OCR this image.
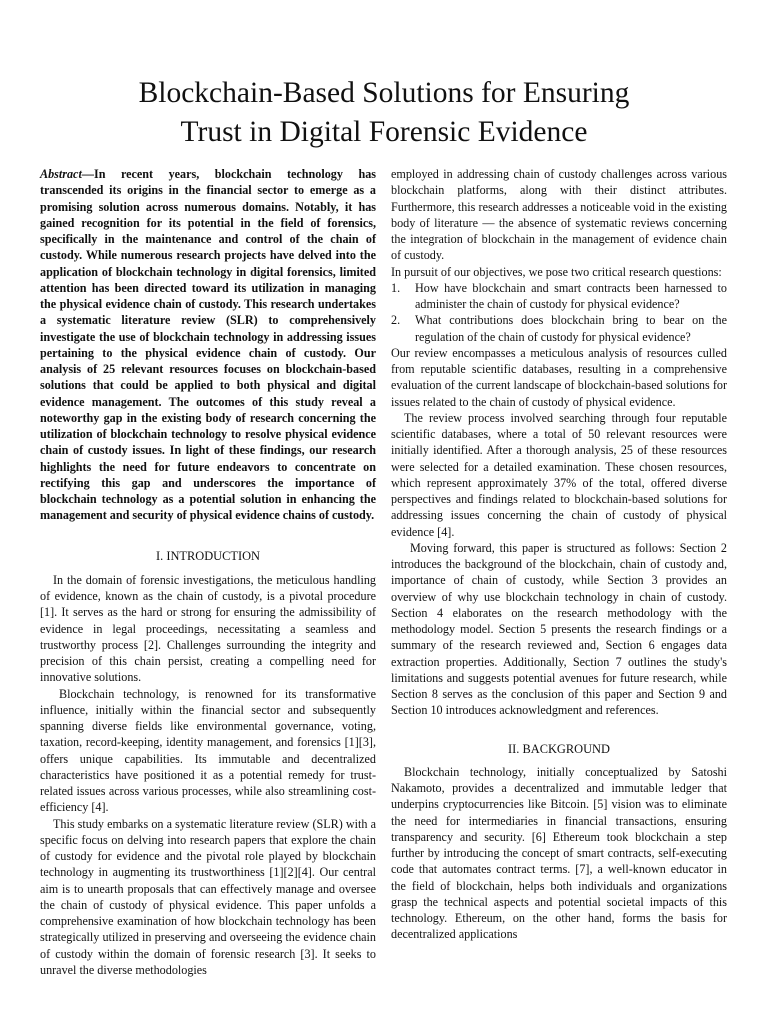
Blockchain-Based Solutions for Ensuring
Trust in Digital Forensic Evidence

Abstract—In recent years, blockchain technology has transcended its origins in the financial sector to emerge as a promising solution across numerous domains. Notably, it has gained recognition for its potential in the field of forensics, specifically in the maintenance and control of the chain of custody. While numerous research projects have delved into the application of blockchain technology in digital forensics, limited attention has been directed toward its utilization in managing the physical evidence chain of custody. This research undertakes a systematic literature review (SLR) to comprehensively investigate the use of blockchain technology in addressing issues pertaining to the physical evidence chain of custody. Our analysis of 25 relevant resources focuses on blockchain-based solutions that could be applied to both physical and digital evidence management. The outcomes of this study reveal a noteworthy gap in the existing body of research concerning the utilization of blockchain technology to resolve physical evidence chain of custody issues. In light of these findings, our research highlights the need for future endeavors to concentrate on rectifying this gap and underscores the importance of blockchain technology as a potential solution in enhancing the management and security of physical evidence chains of custody.

I. INTRODUCTION

In the domain of forensic investigations, the meticulous handling of evidence, known as the chain of custody, is a pivotal procedure [1]. It serves as the hard or strong for ensuring the admissibility of evidence in legal proceedings, necessitating a seamless and trustworthy process [2]. Challenges surrounding the integrity and precision of this chain persist, creating a compelling need for innovative solutions.

Blockchain technology, is renowned for its transformative influence, initially within the financial sector and subsequently spanning diverse fields like environmental governance, voting, taxation, record-keeping, identity management, and forensics [1][3], offers unique capabilities. Its immutable and decentralized characteristics have positioned it as a potential remedy for trust-related issues across various processes, while also streamlining cost-efficiency [4].

This study embarks on a systematic literature review (SLR) with a specific focus on delving into research papers that explore the chain of custody for evidence and the pivotal role played by blockchain technology in augmenting its trustworthiness [1][2][4]. Our central aim is to unearth proposals that can effectively manage and oversee the chain of custody of physical evidence. This paper unfolds a comprehensive examination of how blockchain technology has been strategically utilized in preserving and overseeing the evidence chain of custody within the domain of forensic research [3]. It seeks to unravel the diverse methodologies

employed in addressing chain of custody challenges across various blockchain platforms, along with their distinct attributes. Furthermore, this research addresses a noticeable void in the existing body of literature — the absence of systematic reviews concerning the integration of blockchain in the management of evidence chain of custody.

In pursuit of our objectives, we pose two critical research questions:

1. How have blockchain and smart contracts been harnessed to administer the chain of custody for physical evidence?
2. What contributions does blockchain bring to bear on the regulation of the chain of custody for physical evidence?

Our review encompasses a meticulous analysis of resources culled from reputable scientific databases, resulting in a comprehensive evaluation of the current landscape of blockchain-based solutions for issues related to the chain of custody of physical evidence.

The review process involved searching through four reputable scientific databases, where a total of 50 relevant resources were initially identified. After a thorough analysis, 25 of these resources were selected for a detailed examination. These chosen resources, which represent approximately 37% of the total, offered diverse perspectives and findings related to blockchain-based solutions for addressing issues concerning the chain of custody of physical evidence [4].

Moving forward, this paper is structured as follows: Section 2 introduces the background of the blockchain, chain of custody and, importance of chain of custody, while Section 3 provides an overview of why use blockchain technology in chain of custody. Section 4 elaborates on the research methodology with the methodology model. Section 5 presents the research findings or a summary of the research reviewed and, Section 6 engages data extraction properties. Additionally, Section 7 outlines the study's limitations and suggests potential avenues for future research, while Section 8 serves as the conclusion of this paper and Section 9 and Section 10 introduces acknowledgment and references.

II. BACKGROUND

Blockchain technology, initially conceptualized by Satoshi Nakamoto, provides a decentralized and immutable ledger that underpins cryptocurrencies like Bitcoin. [5] vision was to eliminate the need for intermediaries in financial transactions, ensuring transparency and security. [6] Ethereum took blockchain a step further by introducing the concept of smart contracts, self-executing code that automates contract terms. [7], a well-known educator in the field of blockchain, helps both individuals and organizations grasp the technical aspects and potential societal impacts of this technology. Ethereum, on the other hand, forms the basis for decentralized applications
